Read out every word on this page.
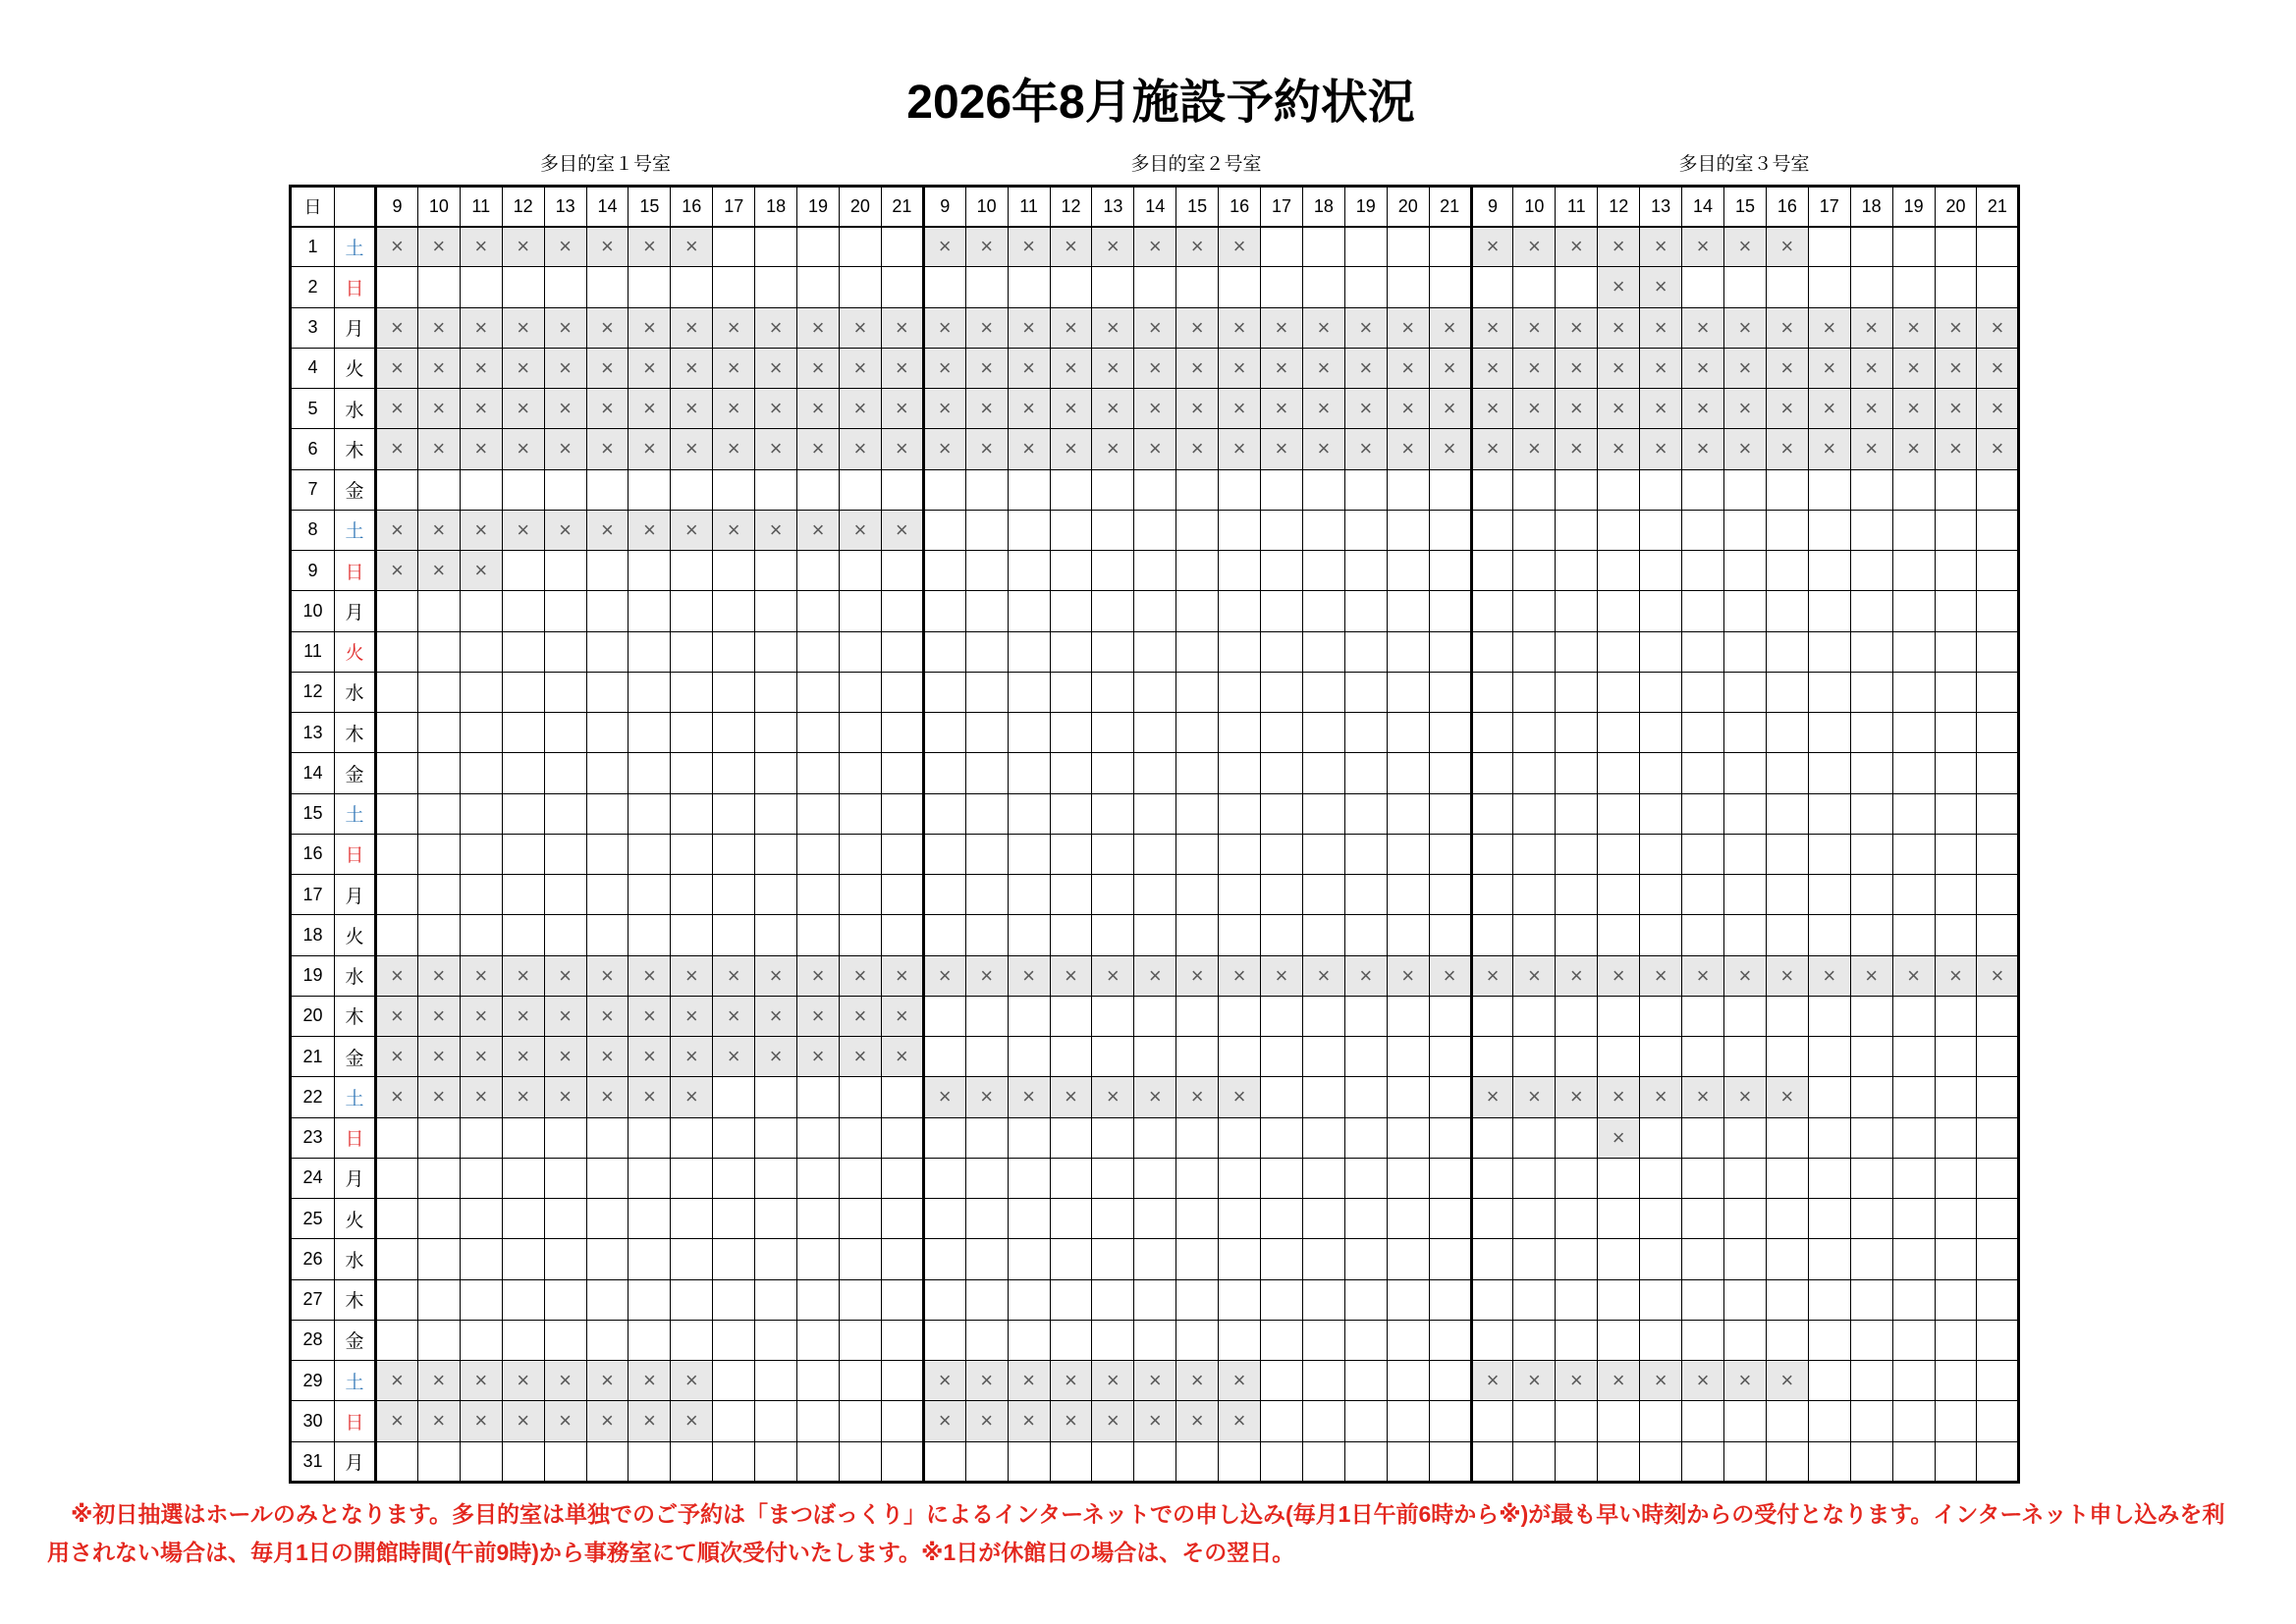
2026年8月施設予約状況
多目的室１号室	多目的室２号室	多目的室３号室
日		9	10	11	12	13	14	15	16	17	18	19	20	21	9	10	11	12	13	14	15	16	17	18	19	20	21	9	10	11	12	13	14	15	16	17	18	19	20	21
1	土	×	×	×	×	×	×	×	×						×	×	×	×	×	×	×	×						×	×	×	×	×	×	×	×					
2	日																														×	×								
3	月	×	×	×	×	×	×	×	×	×	×	×	×	×	×	×	×	×	×	×	×	×	×	×	×	×	×	×	×	×	×	×	×	×	×	×	×	×	×	×
4	火	×	×	×	×	×	×	×	×	×	×	×	×	×	×	×	×	×	×	×	×	×	×	×	×	×	×	×	×	×	×	×	×	×	×	×	×	×	×	×
5	水	×	×	×	×	×	×	×	×	×	×	×	×	×	×	×	×	×	×	×	×	×	×	×	×	×	×	×	×	×	×	×	×	×	×	×	×	×	×	×
6	木	×	×	×	×	×	×	×	×	×	×	×	×	×	×	×	×	×	×	×	×	×	×	×	×	×	×	×	×	×	×	×	×	×	×	×	×	×	×	×
7	金																																							
8	土	×	×	×	×	×	×	×	×	×	×	×	×	×																										
9	日	×	×	×																																				
10	月																																							
11	火																																							
12	水																																							
13	木																																							
14	金																																							
15	土																																							
16	日																																							
17	月																																							
18	火																																							
19	水	×	×	×	×	×	×	×	×	×	×	×	×	×	×	×	×	×	×	×	×	×	×	×	×	×	×	×	×	×	×	×	×	×	×	×	×	×	×	×
20	木	×	×	×	×	×	×	×	×	×	×	×	×	×																										
21	金	×	×	×	×	×	×	×	×	×	×	×	×	×																										
22	土	×	×	×	×	×	×	×	×						×	×	×	×	×	×	×	×						×	×	×	×	×	×	×	×					
23	日																														×									
24	月																																							
25	火																																							
26	水																																							
27	木																																							
28	金																																							
29	土	×	×	×	×	×	×	×	×						×	×	×	×	×	×	×	×						×	×	×	×	×	×	×	×					
30	日	×	×	×	×	×	×	×	×						×	×	×	×	×	×	×	×																		
31	月																																							
※初日抽選はホールのみとなります。多目的室は単独でのご予約は「まつぼっくり」によるインターネットでの申し込み(毎月1日午前6時から※)が最も早い時刻からの受付となります。インターネット申し込みを利
用されない場合は、毎月1日の開館時間(午前9時)から事務室にて順次受付いたします。※1日が休館日の場合は、その翌日。
